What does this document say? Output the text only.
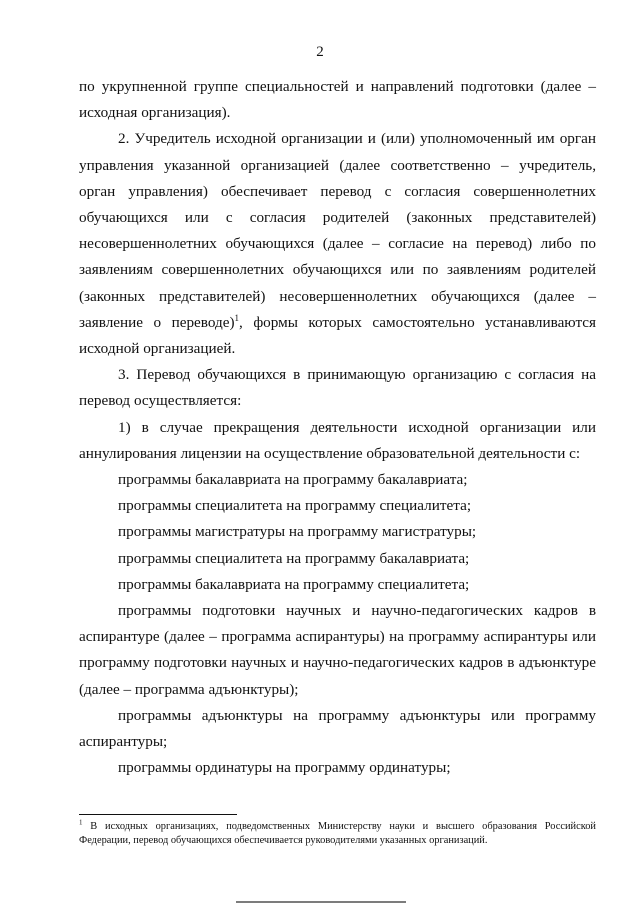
2

по укрупненной группе специальностей и направлений подготовки (далее – исходная организация).

2. Учредитель исходной организации и (или) уполномоченный им орган управления указанной организацией (далее соответственно – учредитель, орган управления) обеспечивает перевод с согласия совершеннолетних обучающихся или с согласия родителей (законных представителей) несовершеннолетних обучающихся (далее – согласие на перевод) либо по заявлениям совершеннолетних обучающихся или по заявлениям родителей (законных представителей) несовершеннолетних обучающихся (далее – заявление о переводе)$^1$, формы которых самостоятельно устанавливаются исходной организацией.

3. Перевод обучающихся в принимающую организацию с согласия на перевод осуществляется:

1) в случае прекращения деятельности исходной организации или аннулирования лицензии на осуществление образовательной деятельности с:

программы бакалавриата на программу бакалавриата;

программы специалитета на программу специалитета;

программы магистратуры на программу магистратуры;

программы специалитета на программу бакалавриата;

программы бакалавриата на программу специалитета;

программы подготовки научных и научно-педагогических кадров в аспирантуре (далее – программа аспирантуры) на программу аспирантуры или программу подготовки научных и научно-педагогических кадров в адъюнктуре (далее – программа адъюнктуры);

программы адъюнктуры на программу адъюнктуры или программу аспирантуры;

программы ординатуры на программу ординатуры;

$^1$ В исходных организациях, подведомственных Министерству науки и высшего образования Российской Федерации, перевод обучающихся обеспечивается руководителями указанных организаций.
